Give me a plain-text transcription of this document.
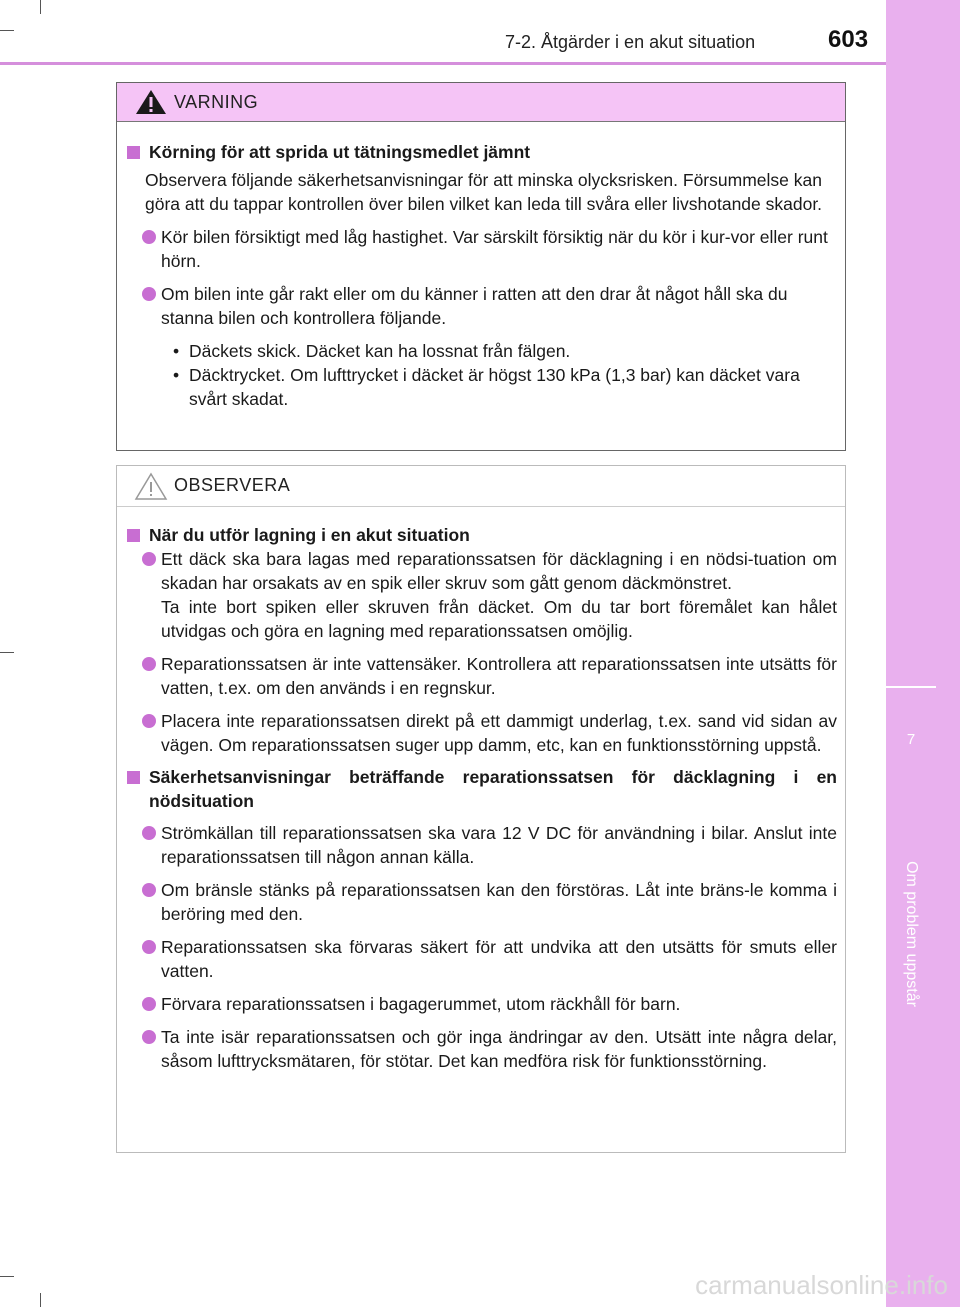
7-2. Åtgärder i en akut situation	603
7
Om problem uppstår
VARNING
Körning för att sprida ut tätningsmedlet jämnt
Observera följande säkerhetsanvisningar för att minska olycksrisken. Försummelse kan göra att du tappar kontrollen över bilen vilket kan leda till svåra eller livshotande skador.
Kör bilen försiktigt med låg hastighet. Var särskilt försiktig när du kör i kur-vor eller runt hörn.
Om bilen inte går rakt eller om du känner i ratten att den drar åt något håll ska du stanna bilen och kontrollera följande.
• Däckets skick. Däcket kan ha lossnat från fälgen.
• Däcktrycket. Om lufttrycket i däcket är högst 130 kPa (1,3 bar) kan däcket vara svårt skadat.
OBSERVERA
När du utför lagning i en akut situation
Ett däck ska bara lagas med reparationssatsen för däcklagning i en nödsi-tuation om skadan har orsakats av en spik eller skruv som gått genom däckmönstret.
Ta inte bort spiken eller skruven från däcket. Om du tar bort föremålet kan hålet utvidgas och göra en lagning med reparationssatsen omöjlig.
Reparationssatsen är inte vattensäker. Kontrollera att reparationssatsen inte utsätts för vatten, t.ex. om den används i en regnskur.
Placera inte reparationssatsen direkt på ett dammigt underlag, t.ex. sand vid sidan av vägen. Om reparationssatsen suger upp damm, etc, kan en funktionsstörning uppstå.
Säkerhetsanvisningar beträffande reparationssatsen för däcklagning i en nödsituation
Strömkällan till reparationssatsen ska vara 12 V DC för användning i bilar. Anslut inte reparationssatsen till någon annan källa.
Om bränsle stänks på reparationssatsen kan den förstöras. Låt inte bräns-le komma i beröring med den.
Reparationssatsen ska förvaras säkert för att undvika att den utsätts för smuts eller vatten.
Förvara reparationssatsen i bagagerummet, utom räckhåll för barn.
Ta inte isär reparationssatsen och gör inga ändringar av den. Utsätt inte några delar, såsom lufttrycksmätaren, för stötar. Det kan medföra risk för funktionsstörning.
carmanualsonline.info
